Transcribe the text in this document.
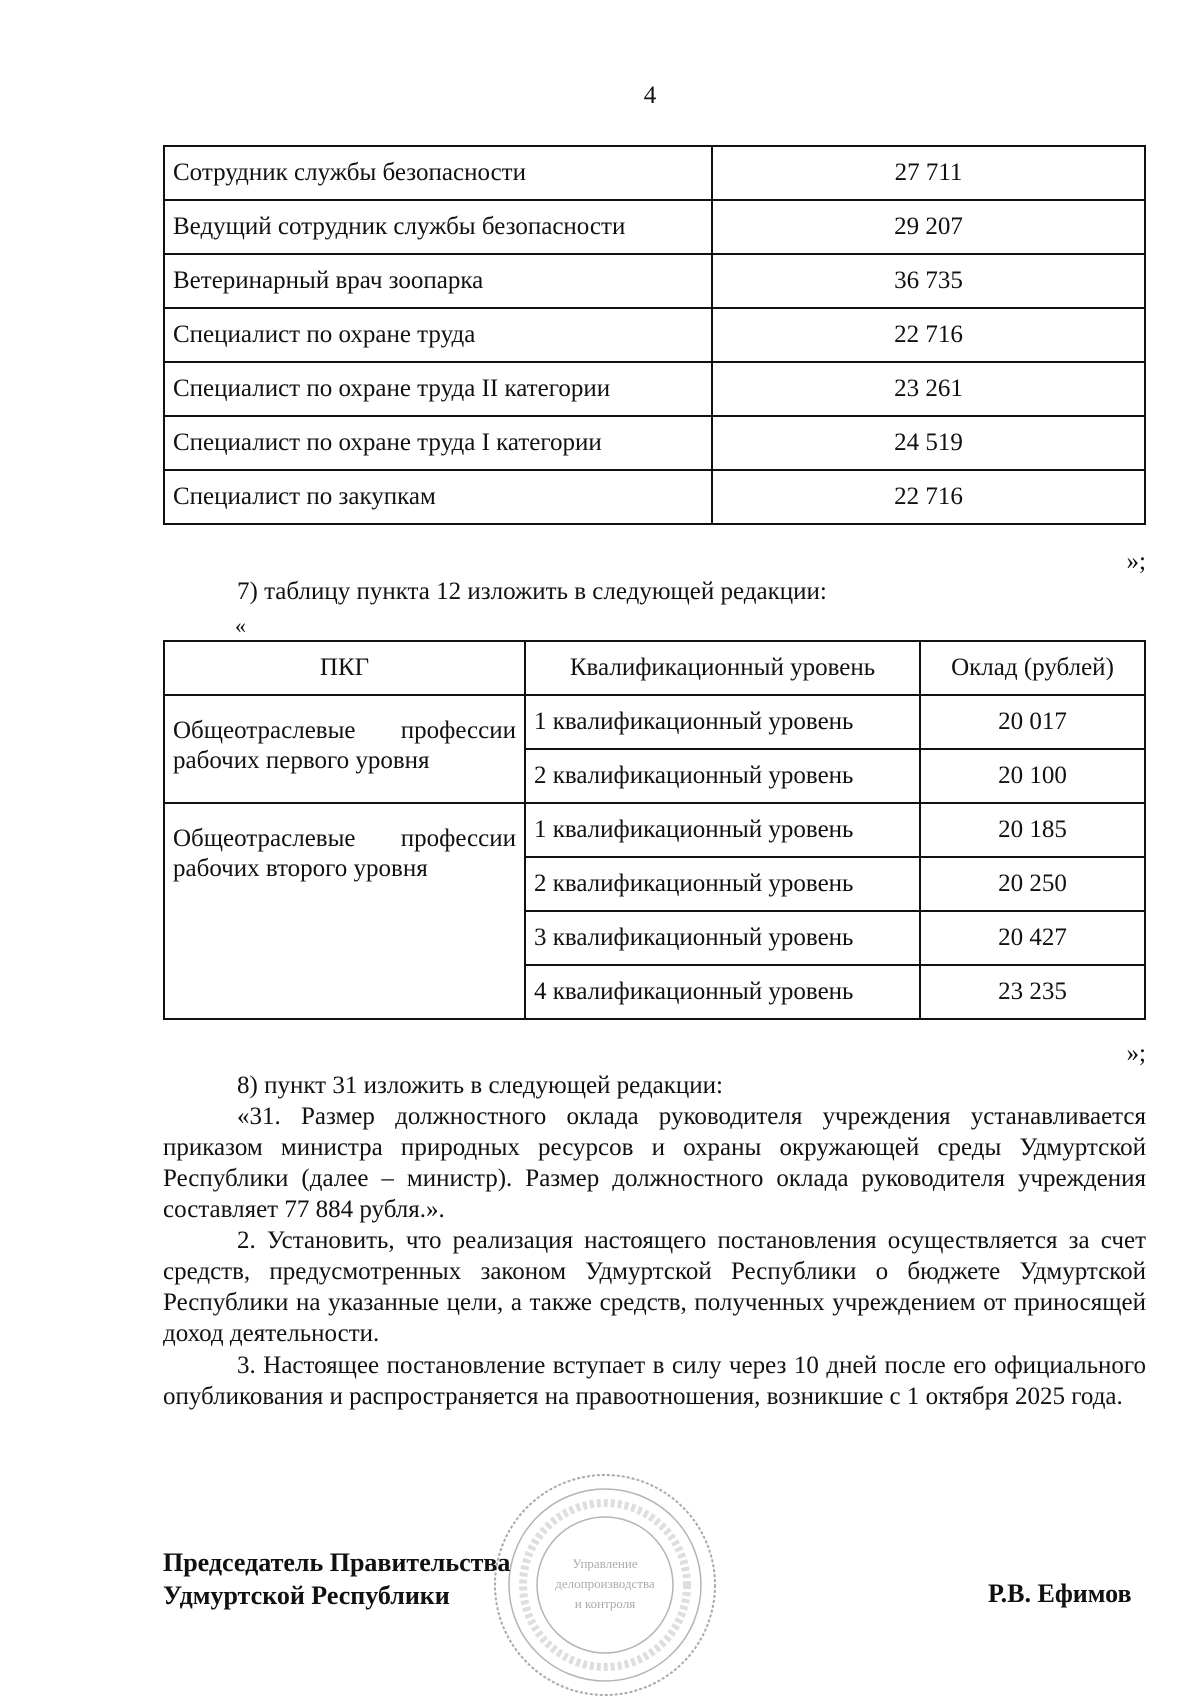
4
Сотрудник службы безопасности	27 711
Ведущий сотрудник службы безопасности	29 207
Ветеринарный врач зоопарка	36 735
Специалист по охране труда	22 716
Специалист по охране труда II категории	23 261
Специалист по охране труда I категории	24 519
Специалист по закупкам	22 716
»;
7) таблицу пункта 12 изложить в следующей редакции:
«
ПКГ	Квалификационный уровень	Оклад (рублей)
Общеотраслевые профессии рабочих первого уровня	1 квалификационный уровень	20 017
	2 квалификационный уровень	20 100
Общеотраслевые профессии рабочих второго уровня	1 квалификационный уровень	20 185
	2 квалификационный уровень	20 250
	3 квалификационный уровень	20 427
	4 квалификационный уровень	23 235
»;
8) пункт 31 изложить в следующей редакции:
«31. Размер должностного оклада руководителя учреждения устанавливается приказом министра природных ресурсов и охраны окружающей среды Удмуртской Республики (далее – министр). Размер должностного оклада руководителя учреждения составляет 77 884 рубля.».
2. Установить, что реализация настоящего постановления осуществляется за счет средств, предусмотренных законом Удмуртской Республики о бюджете Удмуртской Республики на указанные цели, а также средств, полученных учреждением от приносящей доход деятельности.
3. Настоящее постановление вступает в силу через 10 дней после его официального опубликования и распространяется на правоотношения, возникшие с 1 октября 2025 года.
Управление
делопроизводства
и контроля
Председатель Правительства
Удмуртской Республики	Р.В. Ефимов
